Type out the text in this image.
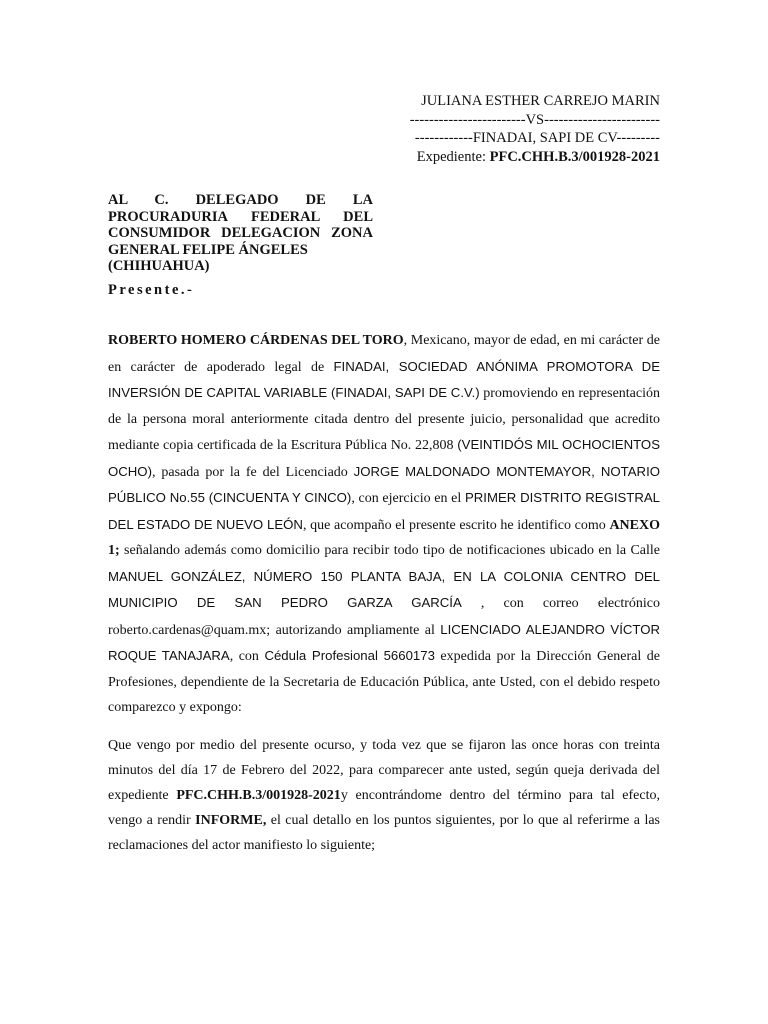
JULIANA ESTHER CARREJO MARIN
------------------------VS------------------------
------------FINADAI, SAPI DE CV---------
Expediente: PFC.CHH.B.3/001928-2021
AL C. DELEGADO DE LA
PROCURADURIA FEDERAL DEL
CONSUMIDOR DELEGACION ZONA
GENERAL FELIPE ÁNGELES
(CHIHUAHUA)
Presente.-

ROBERTO HOMERO CÁRDENAS DEL TORO, Mexicano, mayor de edad, en mi carácter de en carácter de apoderado legal de FINADAI, SOCIEDAD ANÓNIMA PROMOTORA DE INVERSIÓN DE CAPITAL VARIABLE (FINADAI, SAPI DE C.V.) promoviendo en representación de la persona moral anteriormente citada dentro del presente juicio, personalidad que acredito mediante copia certificada de la Escritura Pública No. 22,808 (VEINTIDÓS MIL OCHOCIENTOS OCHO), pasada por la fe del Licenciado JORGE MALDONADO MONTEMAYOR, NOTARIO PÚBLICO No.55 (CINCUENTA Y CINCO), con ejercicio en el PRIMER DISTRITO REGISTRAL DEL ESTADO DE NUEVO LEÓN, que acompaño el presente escrito he identifico como ANEXO 1; señalando además como domicilio para recibir todo tipo de notificaciones ubicado en la Calle MANUEL GONZÁLEZ, NÚMERO 150 PLANTA BAJA, EN LA COLONIA CENTRO DEL MUNICIPIO DE SAN PEDRO GARZA GARCÍA , con correo electrónico roberto.cardenas@quam.mx; autorizando ampliamente al LICENCIADO ALEJANDRO VÍCTOR ROQUE TANAJARA, con Cédula Profesional 5660173 expedida por la Dirección General de Profesiones, dependiente de la Secretaria de Educación Pública, ante Usted, con el debido respeto comparezco y expongo:

Que vengo por medio del presente ocurso, y toda vez que se fijaron las once horas con treinta minutos del día 17 de Febrero del 2022, para comparecer ante usted, según queja derivada del expediente PFC.CHH.B.3/001928-2021y encontrándome dentro del término para tal efecto, vengo a rendir INFORME, el cual detallo en los puntos siguientes, por lo que al referirme a las reclamaciones del actor manifiesto lo siguiente;
